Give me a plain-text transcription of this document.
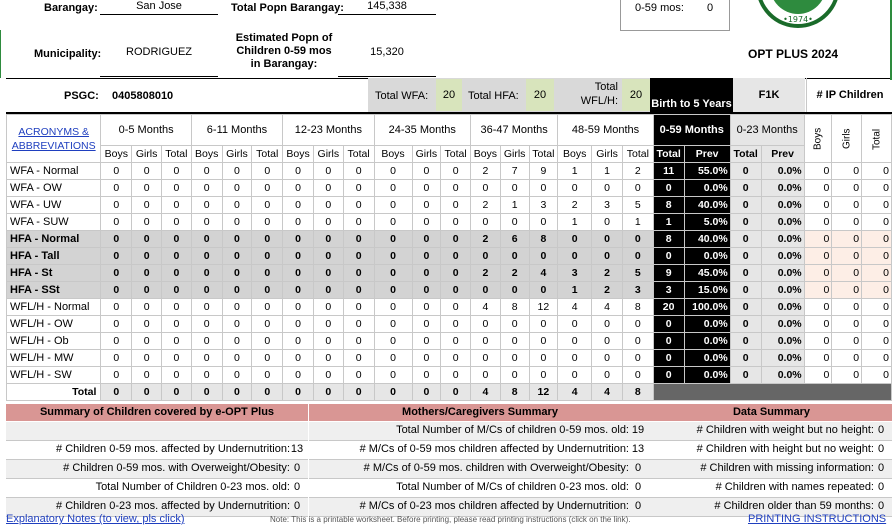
Barangay:	San Jose	Total Popn Barangay:	145,338	0-59 mos: 0
•1974•
Municipality:	RODRIGUEZ
Estimated Popn of Children 0-59 mos in Barangay:
15,320	OPT PLUS 2024
PSGC: 0405808010	Total WFA:	20	Total HFA:	20
Total WFL/H:	20
Birth to 5 Years
F1K	# IP Children
ACRONYMS & ABBREVIATIONS	0-5 Months			6-11 Months			12-23 Months			24-35 Months			36-47 Months			48-59 Months			0-59 Months		0-23 Months		Boys	Girls	Total
	Boys	Girls	Total	Boys	Girls	Total	Boys	Girls	Total	Boys	Girls	Total	Boys	Girls	Total	Boys	Girls	Total	Total	Prev	Total	Prev			
WFA - Normal	0	0	0	0	0	0	0	0	0	0	0	0	2	7	9	1	1	2	11	55.0%	0	0.0%	0	0	0
WFA - OW	0	0	0	0	0	0	0	0	0	0	0	0	0	0	0	0	0	0	0	0.0%	0	0.0%	0	0	0
WFA - UW	0	0	0	0	0	0	0	0	0	0	0	0	2	1	3	2	3	5	8	40.0%	0	0.0%	0	0	0
WFA - SUW	0	0	0	0	0	0	0	0	0	0	0	0	0	0	0	1	0	1	1	5.0%	0	0.0%	0	0	0
HFA - Normal	0	0	0	0	0	0	0	0	0	0	0	0	2	6	8	0	0	0	8	40.0%	0	0.0%	0	0	0
HFA - Tall	0	0	0	0	0	0	0	0	0	0	0	0	0	0	0	0	0	0	0	0.0%	0	0.0%	0	0	0
HFA - St	0	0	0	0	0	0	0	0	0	0	0	0	2	2	4	3	2	5	9	45.0%	0	0.0%	0	0	0
HFA - SSt	0	0	0	0	0	0	0	0	0	0	0	0	0	0	0	1	2	3	3	15.0%	0	0.0%	0	0	0
WFL/H - Normal	0	0	0	0	0	0	0	0	0	0	0	0	4	8	12	4	4	8	20	100.0%	0	0.0%	0	0	0
WFL/H - OW	0	0	0	0	0	0	0	0	0	0	0	0	0	0	0	0	0	0	0	0.0%	0	0.0%	0	0	0
WFL/H - Ob	0	0	0	0	0	0	0	0	0	0	0	0	0	0	0	0	0	0	0	0.0%	0	0.0%	0	0	0
WFL/H - MW	0	0	0	0	0	0	0	0	0	0	0	0	0	0	0	0	0	0	0	0.0%	0	0.0%	0	0	0
WFL/H - SW	0	0	0	0	0	0	0	0	0	0	0	0	0	0	0	0	0	0	0	0.0%	0	0.0%	0	0	0
Total	0	0	0	0	0	0	0	0	0	0	0	0	4	8	12	4	4	8							
Summary of Children covered by e-OPT Plus	Mothers/Caregivers Summary	Data Summary
# Children 0-59 mos. affected by Undernutrition: 13
# Children 0-59 mos. with Overweight/Obesity: 0
Total Number of Children 0-23 mos. old: 0
# Children 0-23 mos. affected by Undernutrition: 0
Total Number of M/Cs of children 0-59 mos. old: 19
# M/Cs of 0-59 mos children affected by Undernutrition: 13
# M/Cs of 0-59 mos. children with Overweight/Obesity: 0
Total Number of M/Cs of children 0-23 mos. old: 0
# M/Cs of 0-23 mos children affected by Undernutrition: 0
# Children with weight but no height: 0
# Children with height but no weight: 0
# Children with missing information: 0
# Children with names repeated: 0
# Children older than 59 months: 0
Explanatory Notes (to view, pls click)	Note: This is a printable worksheet. Before printing, please read printing instructions (click on the link).	PRINTING INSTRUCTIONS
